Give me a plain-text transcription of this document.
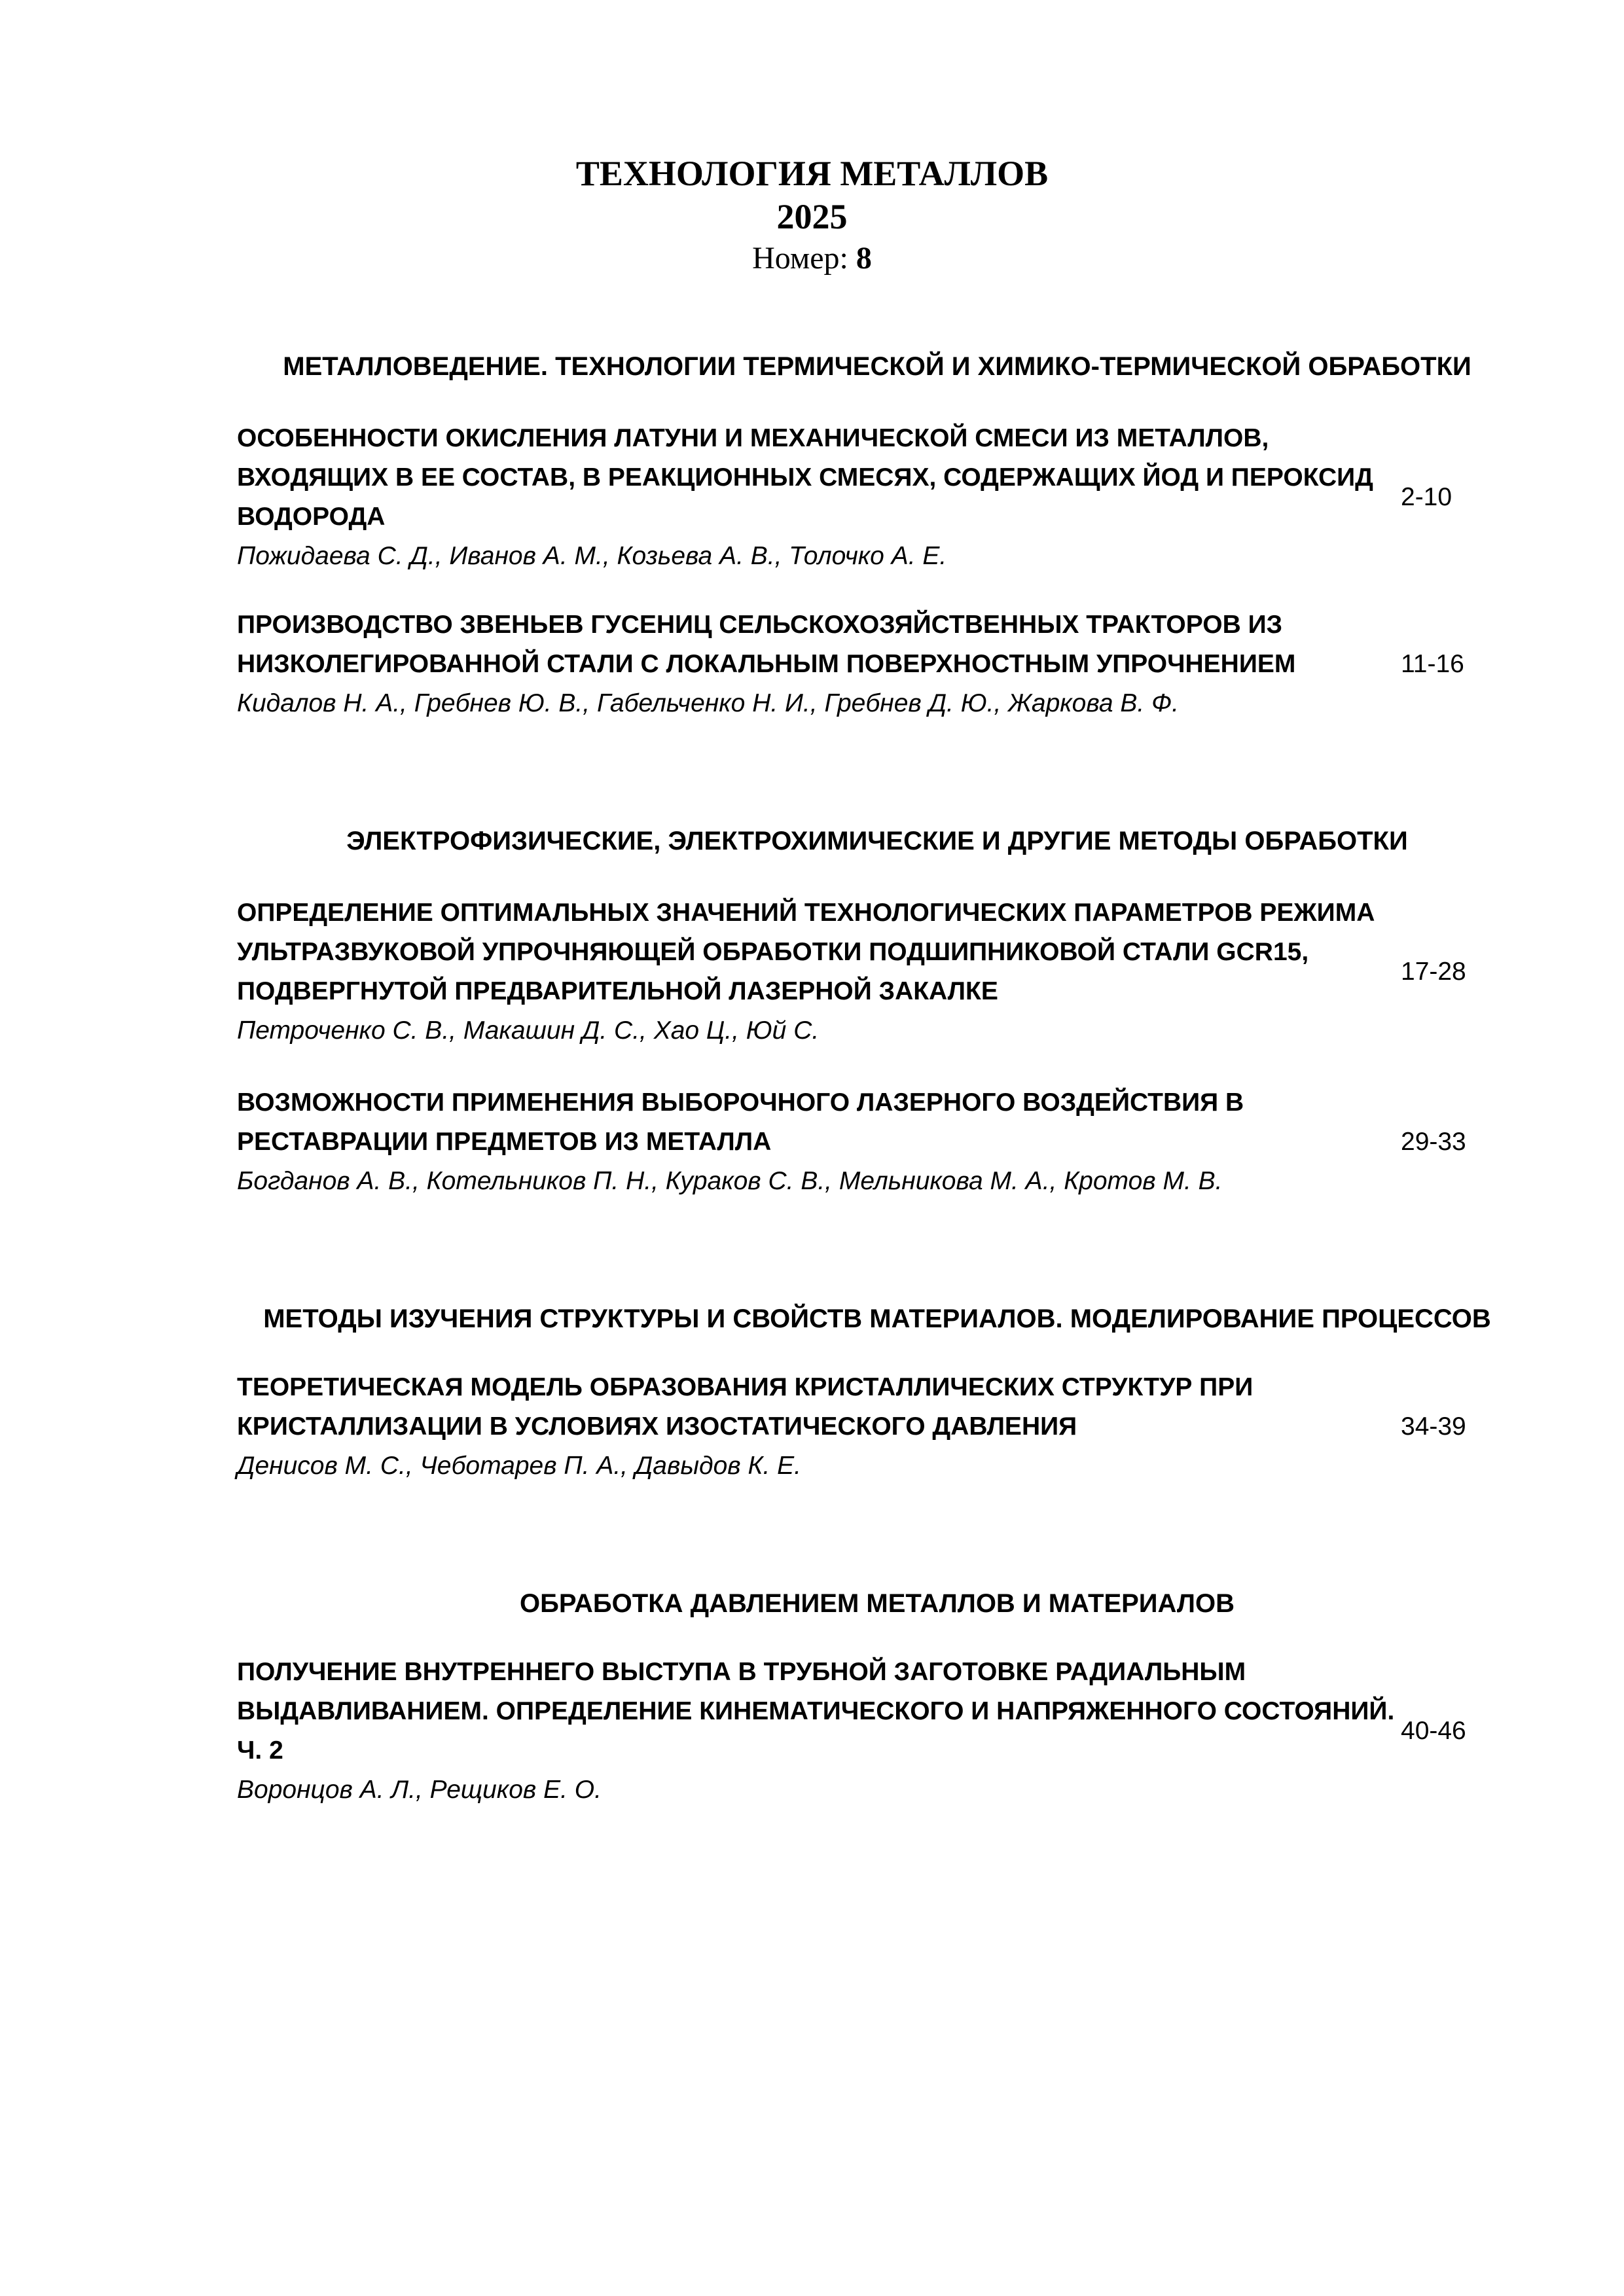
ТЕХНОЛОГИЯ МЕТАЛЛОВ
2025
Номер: 8
МЕТАЛЛОВЕДЕНИЕ. ТЕХНОЛОГИИ ТЕРМИЧЕСКОЙ И ХИМИКО-ТЕРМИЧЕСКОЙ ОБРАБОТКИ
ОСОБЕННОСТИ ОКИСЛЕНИЯ ЛАТУНИ И МЕХАНИЧЕСКОЙ СМЕСИ ИЗ МЕТАЛЛОВ, ВХОДЯЩИХ В ЕЕ СОСТАВ, В РЕАКЦИОННЫХ СМЕСЯХ, СОДЕРЖАЩИХ ЙОД И ПЕРОКСИД ВОДОРОДА
Пожидаева С. Д., Иванов А. М., Козьева А. В., Толочко А. Е.
2-10
ПРОИЗВОДСТВО ЗВЕНЬЕВ ГУСЕНИЦ СЕЛЬСКОХОЗЯЙСТВЕННЫХ ТРАКТОРОВ ИЗ НИЗКОЛЕГИРОВАННОЙ СТАЛИ С ЛОКАЛЬНЫМ ПОВЕРХНОСТНЫМ УПРОЧНЕНИЕМ
Кидалов Н. А., Гребнев Ю. В., Габельченко Н. И., Гребнев Д. Ю., Жаркова В. Ф.
11-16
ЭЛЕКТРОФИЗИЧЕСКИЕ, ЭЛЕКТРОХИМИЧЕСКИЕ И ДРУГИЕ МЕТОДЫ ОБРАБОТКИ
ОПРЕДЕЛЕНИЕ ОПТИМАЛЬНЫХ ЗНАЧЕНИЙ ТЕХНОЛОГИЧЕСКИХ ПАРАМЕТРОВ РЕЖИМА УЛЬТРАЗВУКОВОЙ УПРОЧНЯЮЩЕЙ ОБРАБОТКИ ПОДШИПНИКОВОЙ СТАЛИ GCR15, ПОДВЕРГНУТОЙ ПРЕДВАРИТЕЛЬНОЙ ЛАЗЕРНОЙ ЗАКАЛКЕ
Петроченко С. В., Макашин Д. С., Хао Ц., Юй С.
17-28
ВОЗМОЖНОСТИ ПРИМЕНЕНИЯ ВЫБОРОЧНОГО ЛАЗЕРНОГО ВОЗДЕЙСТВИЯ В РЕСТАВРАЦИИ ПРЕДМЕТОВ ИЗ МЕТАЛЛА
Богданов А. В., Котельников П. Н., Кураков С. В., Мельникова М. А., Кротов М. В.
29-33
МЕТОДЫ ИЗУЧЕНИЯ СТРУКТУРЫ И СВОЙСТВ МАТЕРИАЛОВ. МОДЕЛИРОВАНИЕ ПРОЦЕССОВ
ТЕОРЕТИЧЕСКАЯ МОДЕЛЬ ОБРАЗОВАНИЯ КРИСТАЛЛИЧЕСКИХ СТРУКТУР ПРИ КРИСТАЛЛИЗАЦИИ В УСЛОВИЯХ ИЗОСТАТИЧЕСКОГО ДАВЛЕНИЯ
Денисов М. С., Чеботарев П. А., Давыдов К. Е.
34-39
ОБРАБОТКА ДАВЛЕНИЕМ МЕТАЛЛОВ И МАТЕРИАЛОВ
ПОЛУЧЕНИЕ ВНУТРЕННЕГО ВЫСТУПА В ТРУБНОЙ ЗАГОТОВКЕ РАДИАЛЬНЫМ ВЫДАВЛИВАНИЕМ. ОПРЕДЕЛЕНИЕ КИНЕМАТИЧЕСКОГО И НАПРЯЖЕННОГО СОСТОЯНИЙ. Ч. 2
Воронцов А. Л., Рещиков Е. О.
40-46
